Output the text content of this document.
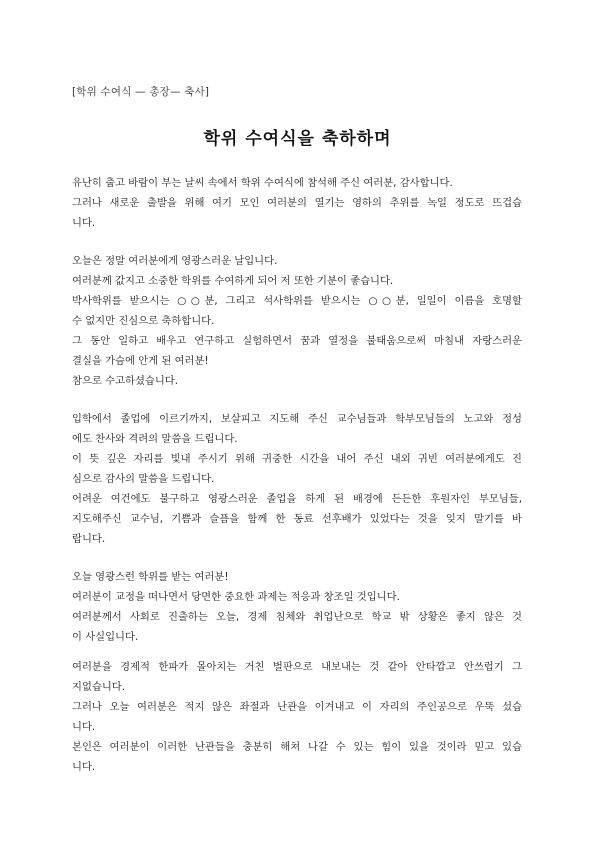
[학위 수여식 — 총장— 축사]
학위 수여식을 축하하며
유난히 춥고 바람이 부는 날씨 속에서 학위 수여식에 참석해 주신 여러분, 감사합니다.
그러나 새로운 출발을 위해 여기 모인 여러분의 열기는 영하의 추위를 녹일 정도로 뜨겁습
니다.
오늘은 정말 여러분에게 영광스러운 날입니다.
여러분께 값지고 소중한 학위를 수여하게 되어 저 또한 기분이 좋습니다.
박사학위를 받으시는 ○○분, 그리고 석사학위를 받으시는 ○○분, 일일이 이름을 호명할
수 없지만 진심으로 축하합니다.
그 동안 일하고 배우고 연구하고 실험하면서 꿈과 열정을 불태움으로써 마침내 자랑스러운
결실을 가슴에 안게 된 여러분!
참으로 수고하셨습니다.
입학에서 졸업에 이르기까지, 보살피고 지도해 주신 교수님들과 학부모님들의 노고와 정성
에도 찬사와 격려의 말씀을 드립니다.
이 뜻 깊은 자리를 빛내 주시기 위해 귀중한 시간을 내어 주신 내외 귀빈 여러분에게도 진
심으로 감사의 말씀을 드립니다.
어려운 여건에도 불구하고 영광스러운 졸업을 하게 된 배경에 든든한 후원자인 부모님들,
지도해주신 교수님, 기쁨과 슬픔을 함께 한 동료 선후배가 있었다는 것을 잊지 말기를 바
랍니다.
오늘 영광스런 학위를 받는 여러분!
여러분이 교정을 떠나면서 당면한 중요한 과제는 적응과 창조일 것입니다.
여러분께서 사회로 진출하는 오늘, 경제 침체와 취업난으로 학교 밖 상황은 좋지 않은 것
이 사실입니다.
여러분을 경제적 한파가 몰아치는 거친 벌판으로 내보내는 것 같아 안타깝고 안쓰럽기 그
지없습니다.
그러나 오늘 여러분은 적지 않은 좌절과 난관을 이겨내고 이 자리의 주인공으로 우뚝 섰습
니다.
본인은 여러분이 이러한 난관들을 충분히 해쳐 나갈 수 있는 힘이 있을 것이라 믿고 있습
니다.
